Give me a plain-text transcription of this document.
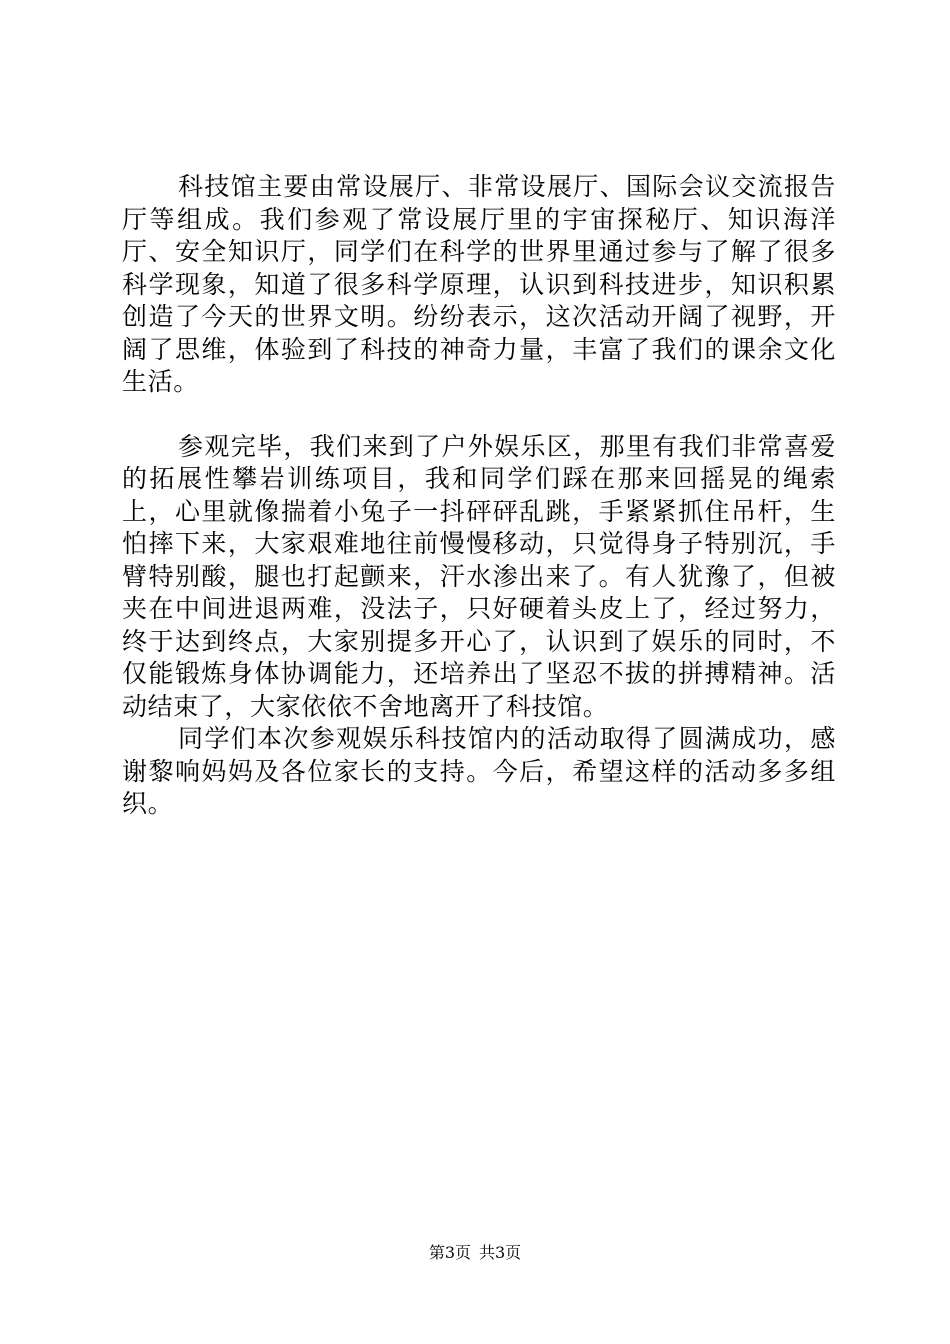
科技馆主要由常设展厅、非常设展厅、国际会议交流报告厅等组成。我们参观了常设展厅里的宇宙探秘厅、知识海洋厅、安全知识厅，同学们在科学的世界里通过参与了解了很多科学现象，知道了很多科学原理，认识到科技进步，知识积累创造了今天的世界文明。纷纷表示，这次活动开阔了视野，开阔了思维，体验到了科技的神奇力量，丰富了我们的课余文化生活。

参观完毕，我们来到了户外娱乐区，那里有我们非常喜爱的拓展性攀岩训练项目，我和同学们踩在那来回摇晃的绳索上，心里就像揣着小兔子一抖砰砰乱跳，手紧紧抓住吊杆，生怕摔下来，大家艰难地往前慢慢移动，只觉得身子特别沉，手臂特别酸，腿也打起颤来，汗水渗出来了。有人犹豫了，但被夹在中间进退两难，没法子，只好硬着头皮上了，经过努力，终于达到终点，大家别提多开心了，认识到了娱乐的同时，不仅能锻炼身体协调能力，还培养出了坚忍不拔的拼搏精神。活动结束了，大家依依不舍地离开了科技馆。

同学们本次参观娱乐科技馆内的活动取得了圆满成功，感谢黎响妈妈及各位家长的支持。今后，希望这样的活动多多组织。

第3页 共3页
